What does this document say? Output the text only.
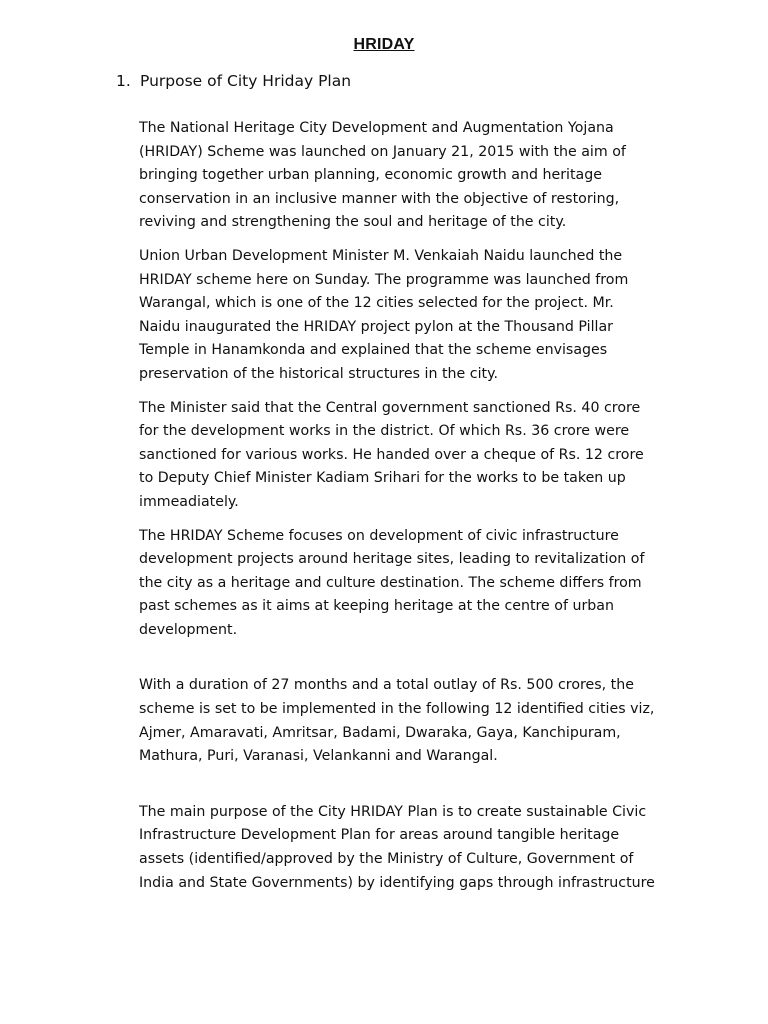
HRIDAY
1. Purpose of City Hriday Plan
The National Heritage City Development and Augmentation Yojana
(HRIDAY) Scheme was launched on January 21, 2015 with the aim of
bringing together urban planning, economic growth and heritage
conservation in an inclusive manner with the objective of restoring,
reviving and strengthening the soul and heritage of the city.
Union Urban Development Minister M. Venkaiah Naidu launched the
HRIDAY scheme here on Sunday. The programme was launched from
Warangal, which is one of the 12 cities selected for the project. Mr.
Naidu inaugurated the HRIDAY project pylon at the Thousand Pillar
Temple in Hanamkonda and explained that the scheme envisages
preservation of the historical structures in the city.
The Minister said that the Central government sanctioned Rs. 40 crore
for the development works in the district. Of which Rs. 36 crore were
sanctioned for various works. He handed over a cheque of Rs. 12 crore
to Deputy Chief Minister Kadiam Srihari for the works to be taken up
immeadiately.
The HRIDAY Scheme focuses on development of civic infrastructure
development projects around heritage sites, leading to revitalization of
the city as a heritage and culture destination. The scheme differs from
past schemes as it aims at keeping heritage at the centre of urban
development.
With a duration of 27 months and a total outlay of Rs. 500 crores, the
scheme is set to be implemented in the following 12 identified cities viz,
Ajmer, Amaravati, Amritsar, Badami, Dwaraka, Gaya, Kanchipuram,
Mathura, Puri, Varanasi, Velankanni and Warangal.
The main purpose of the City HRIDAY Plan is to create sustainable Civic
Infrastructure Development Plan for areas around tangible heritage
assets (identified/approved by the Ministry of Culture, Government of
India and State Governments) by identifying gaps through infrastructure
